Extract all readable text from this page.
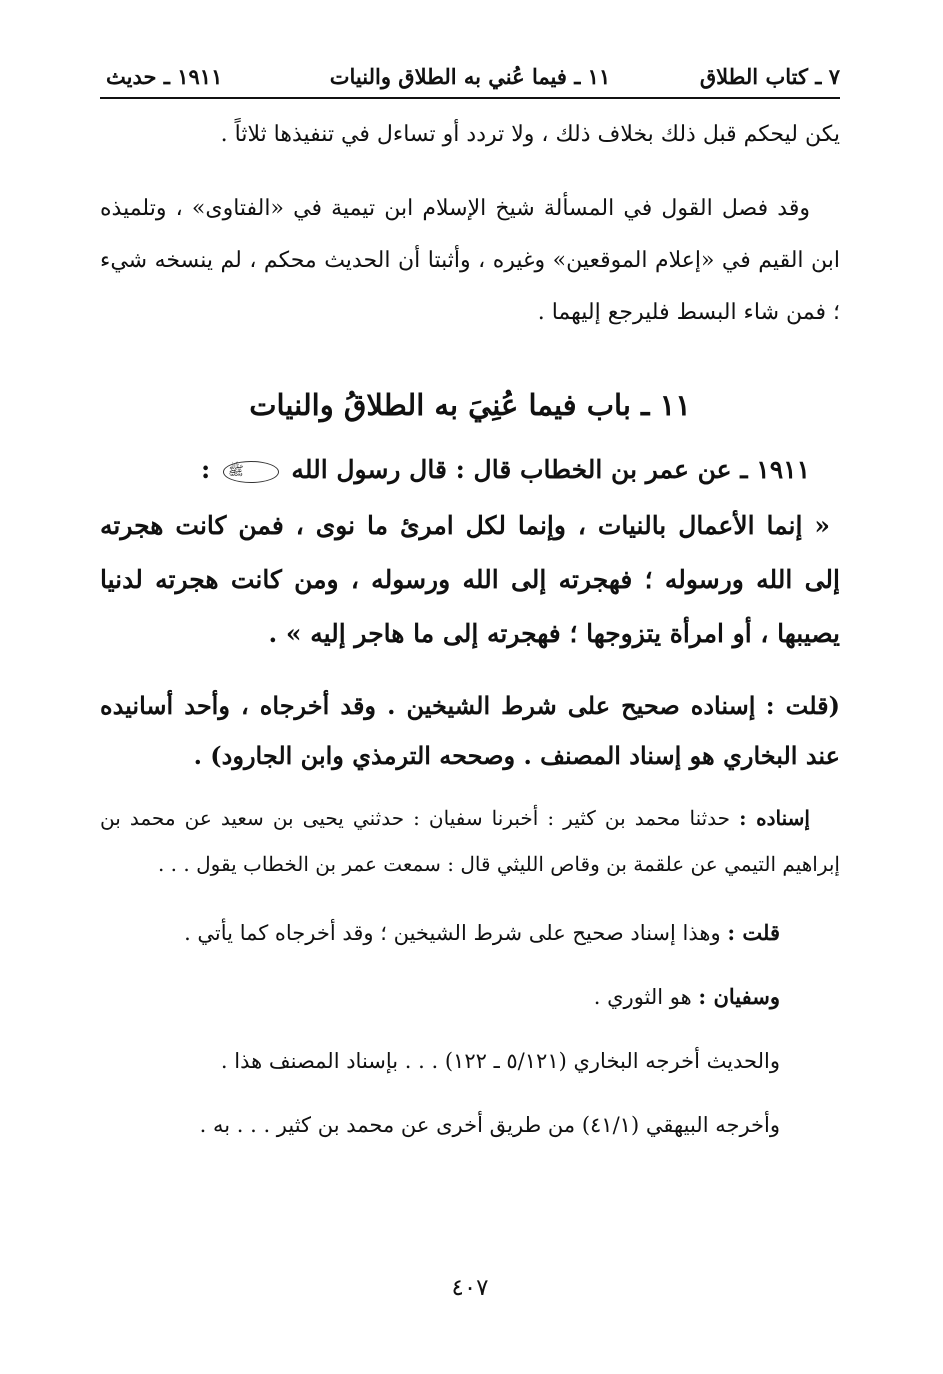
٧ ـ كتاب الطلاق
١١ ـ فيما عُني به الطلاق والنيات
١٩١١ ـ حديث

يكن ليحكم قبل ذلك بخلاف ذلك ، ولا تردد أو تساءل في تنفيذها ثلاثاً .

وقد فصل القول في المسألة شيخ الإسلام ابن تيمية في «الفتاوى» ، وتلميذه ابن القيم في «إعلام الموقعين» وغيره ، وأثبتا أن الحديث محكم ، لم ينسخه شيء ؛ فمن شاء البسط فليرجع إليهما .

١١ ـ باب فيما عُنِيَ به الطلاقُ والنيات

١٩١١ ـ عن عمر بن الخطاب قال : قال رسول الله ﷺ :

« إنما الأعمال بالنيات ، وإنما لكل امرئ ما نوى ، فمن كانت هجرته إلى الله ورسوله ؛ فهجرته إلى الله ورسوله ، ومن كانت هجرته لدنيا يصيبها ، أو امرأة يتزوجها ؛ فهجرته إلى ما هاجر إليه » .

(قلت : إسناده صحيح على شرط الشيخين . وقد أخرجاه ، وأحد أسانيده عند البخاري هو إسناد المصنف . وصححه الترمذي وابن الجارود) .

إسناده : حدثنا محمد بن كثير : أخبرنا سفيان : حدثني يحيى بن سعيد عن محمد بن إبراهيم التيمي عن علقمة بن وقاص الليثي قال : سمعت عمر بن الخطاب يقول . . .

قلت : وهذا إسناد صحيح على شرط الشيخين ؛ وقد أخرجاه كما يأتي .

وسفيان : هو الثوري .

والحديث أخرجه البخاري (٥/١٢١ ـ ١٢٢) . . . بإسناد المصنف هذا .

وأخرجه البيهقي (٤١/١) من طريق أخرى عن محمد بن كثير . . . به .

٤٠٧
